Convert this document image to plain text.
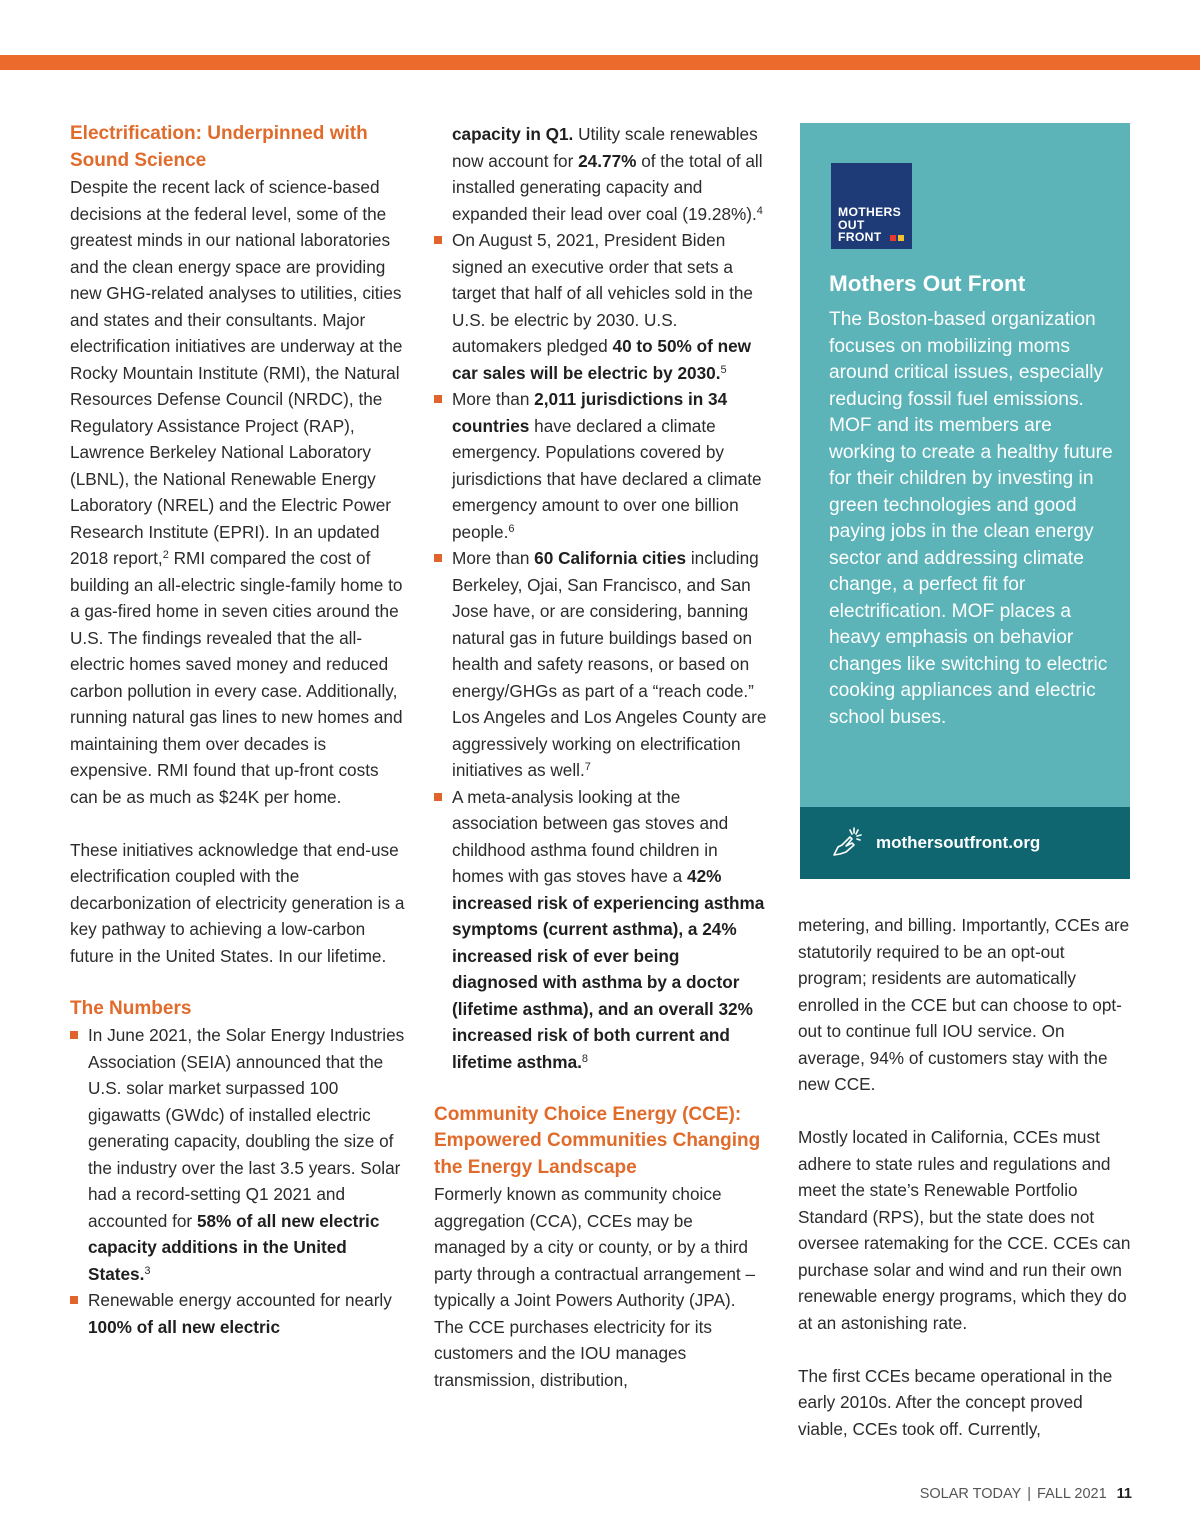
Electrification: Underpinned with Sound Science

Despite the recent lack of science-based decisions at the federal level, some of the greatest minds in our national laboratories and the clean energy space are providing new GHG-related analyses to utilities, cities and states and their consultants. Major electrification initiatives are underway at the Rocky Mountain Institute (RMI), the Natural Resources Defense Council (NRDC), the Regulatory Assistance Project (RAP), Lawrence Berkeley National Laboratory (LBNL), the National Renewable Energy Laboratory (NREL) and the Electric Power Research Institute (EPRI). In an updated 2018 report,$^2$ RMI compared the cost of building an all-electric single-family home to a gas-fired home in seven cities around the U.S. The findings revealed that the all-electric homes saved money and reduced carbon pollution in every case. Additionally, running natural gas lines to new homes and maintaining them over decades is expensive. RMI found that up-front costs can be as much as $24K per home.

These initiatives acknowledge that end-use electrification coupled with the decarbonization of electricity generation is a key pathway to achieving a low-carbon future in the United States. In our lifetime.

The Numbers

In June 2021, the Solar Energy Industries Association (SEIA) announced that the U.S. solar market surpassed 100 gigawatts (GWdc) of installed electric generating capacity, doubling the size of the industry over the last 3.5 years. Solar had a record-setting Q1 2021 and accounted for 58% of all new electric capacity additions in the United States.$^3$

Renewable energy accounted for nearly 100% of all new electric

capacity in Q1. Utility scale renewables now account for 24.77% of the total of all installed generating capacity and expanded their lead over coal (19.28%).$^4$

On August 5, 2021, President Biden signed an executive order that sets a target that half of all vehicles sold in the U.S. be electric by 2030. U.S. automakers pledged 40 to 50% of new car sales will be electric by 2030.$^5$

More than 2,011 jurisdictions in 34 countries have declared a climate emergency. Populations covered by jurisdictions that have declared a climate emergency amount to over one billion people.$^6$

More than 60 California cities including Berkeley, Ojai, San Francisco, and San Jose have, or are considering, banning natural gas in future buildings based on health and safety reasons, or based on energy/GHGs as part of a “reach code.” Los Angeles and Los Angeles County are aggressively working on electrification initiatives as well.$^7$

A meta-analysis looking at the association between gas stoves and childhood asthma found children in homes with gas stoves have a 42% increased risk of experiencing asthma symptoms (current asthma), a 24% increased risk of ever being diagnosed with asthma by a doctor (lifetime asthma), and an overall 32% increased risk of both current and lifetime asthma.$^8$

Community Choice Energy (CCE): Empowered Communities Changing the Energy Landscape

Formerly known as community choice aggregation (CCA), CCEs may be managed by a city or county, or by a third party through a contractual arrangement – typically a Joint Powers Authority (JPA). The CCE purchases electricity for its customers and the IOU manages transmission, distribution,

MOTHERS
OUT
FRONT
Mothers Out Front
The Boston-based organization focuses on mobilizing moms around critical issues, especially reducing fossil fuel emissions. MOF and its members are working to create a healthy future for their children by investing in green technologies and good paying jobs in the clean energy sector and addressing climate change, a perfect fit for electrification. MOF places a heavy emphasis on behavior changes like switching to electric cooking appliances and electric school buses.
mothersoutfront.org

metering, and billing. Importantly, CCEs are statutorily required to be an opt-out program; residents are automatically enrolled in the CCE but can choose to opt-out to continue full IOU service. On average, 94% of customers stay with the new CCE.

Mostly located in California, CCEs must adhere to state rules and regulations and meet the state’s Renewable Portfolio Standard (RPS), but the state does not oversee ratemaking for the CCE. CCEs can purchase solar and wind and run their own renewable energy programs, which they do at an astonishing rate.

The first CCEs became operational in the early 2010s. After the concept proved viable, CCEs took off. Currently,

SOLAR TODAY | FALL 2021 11
